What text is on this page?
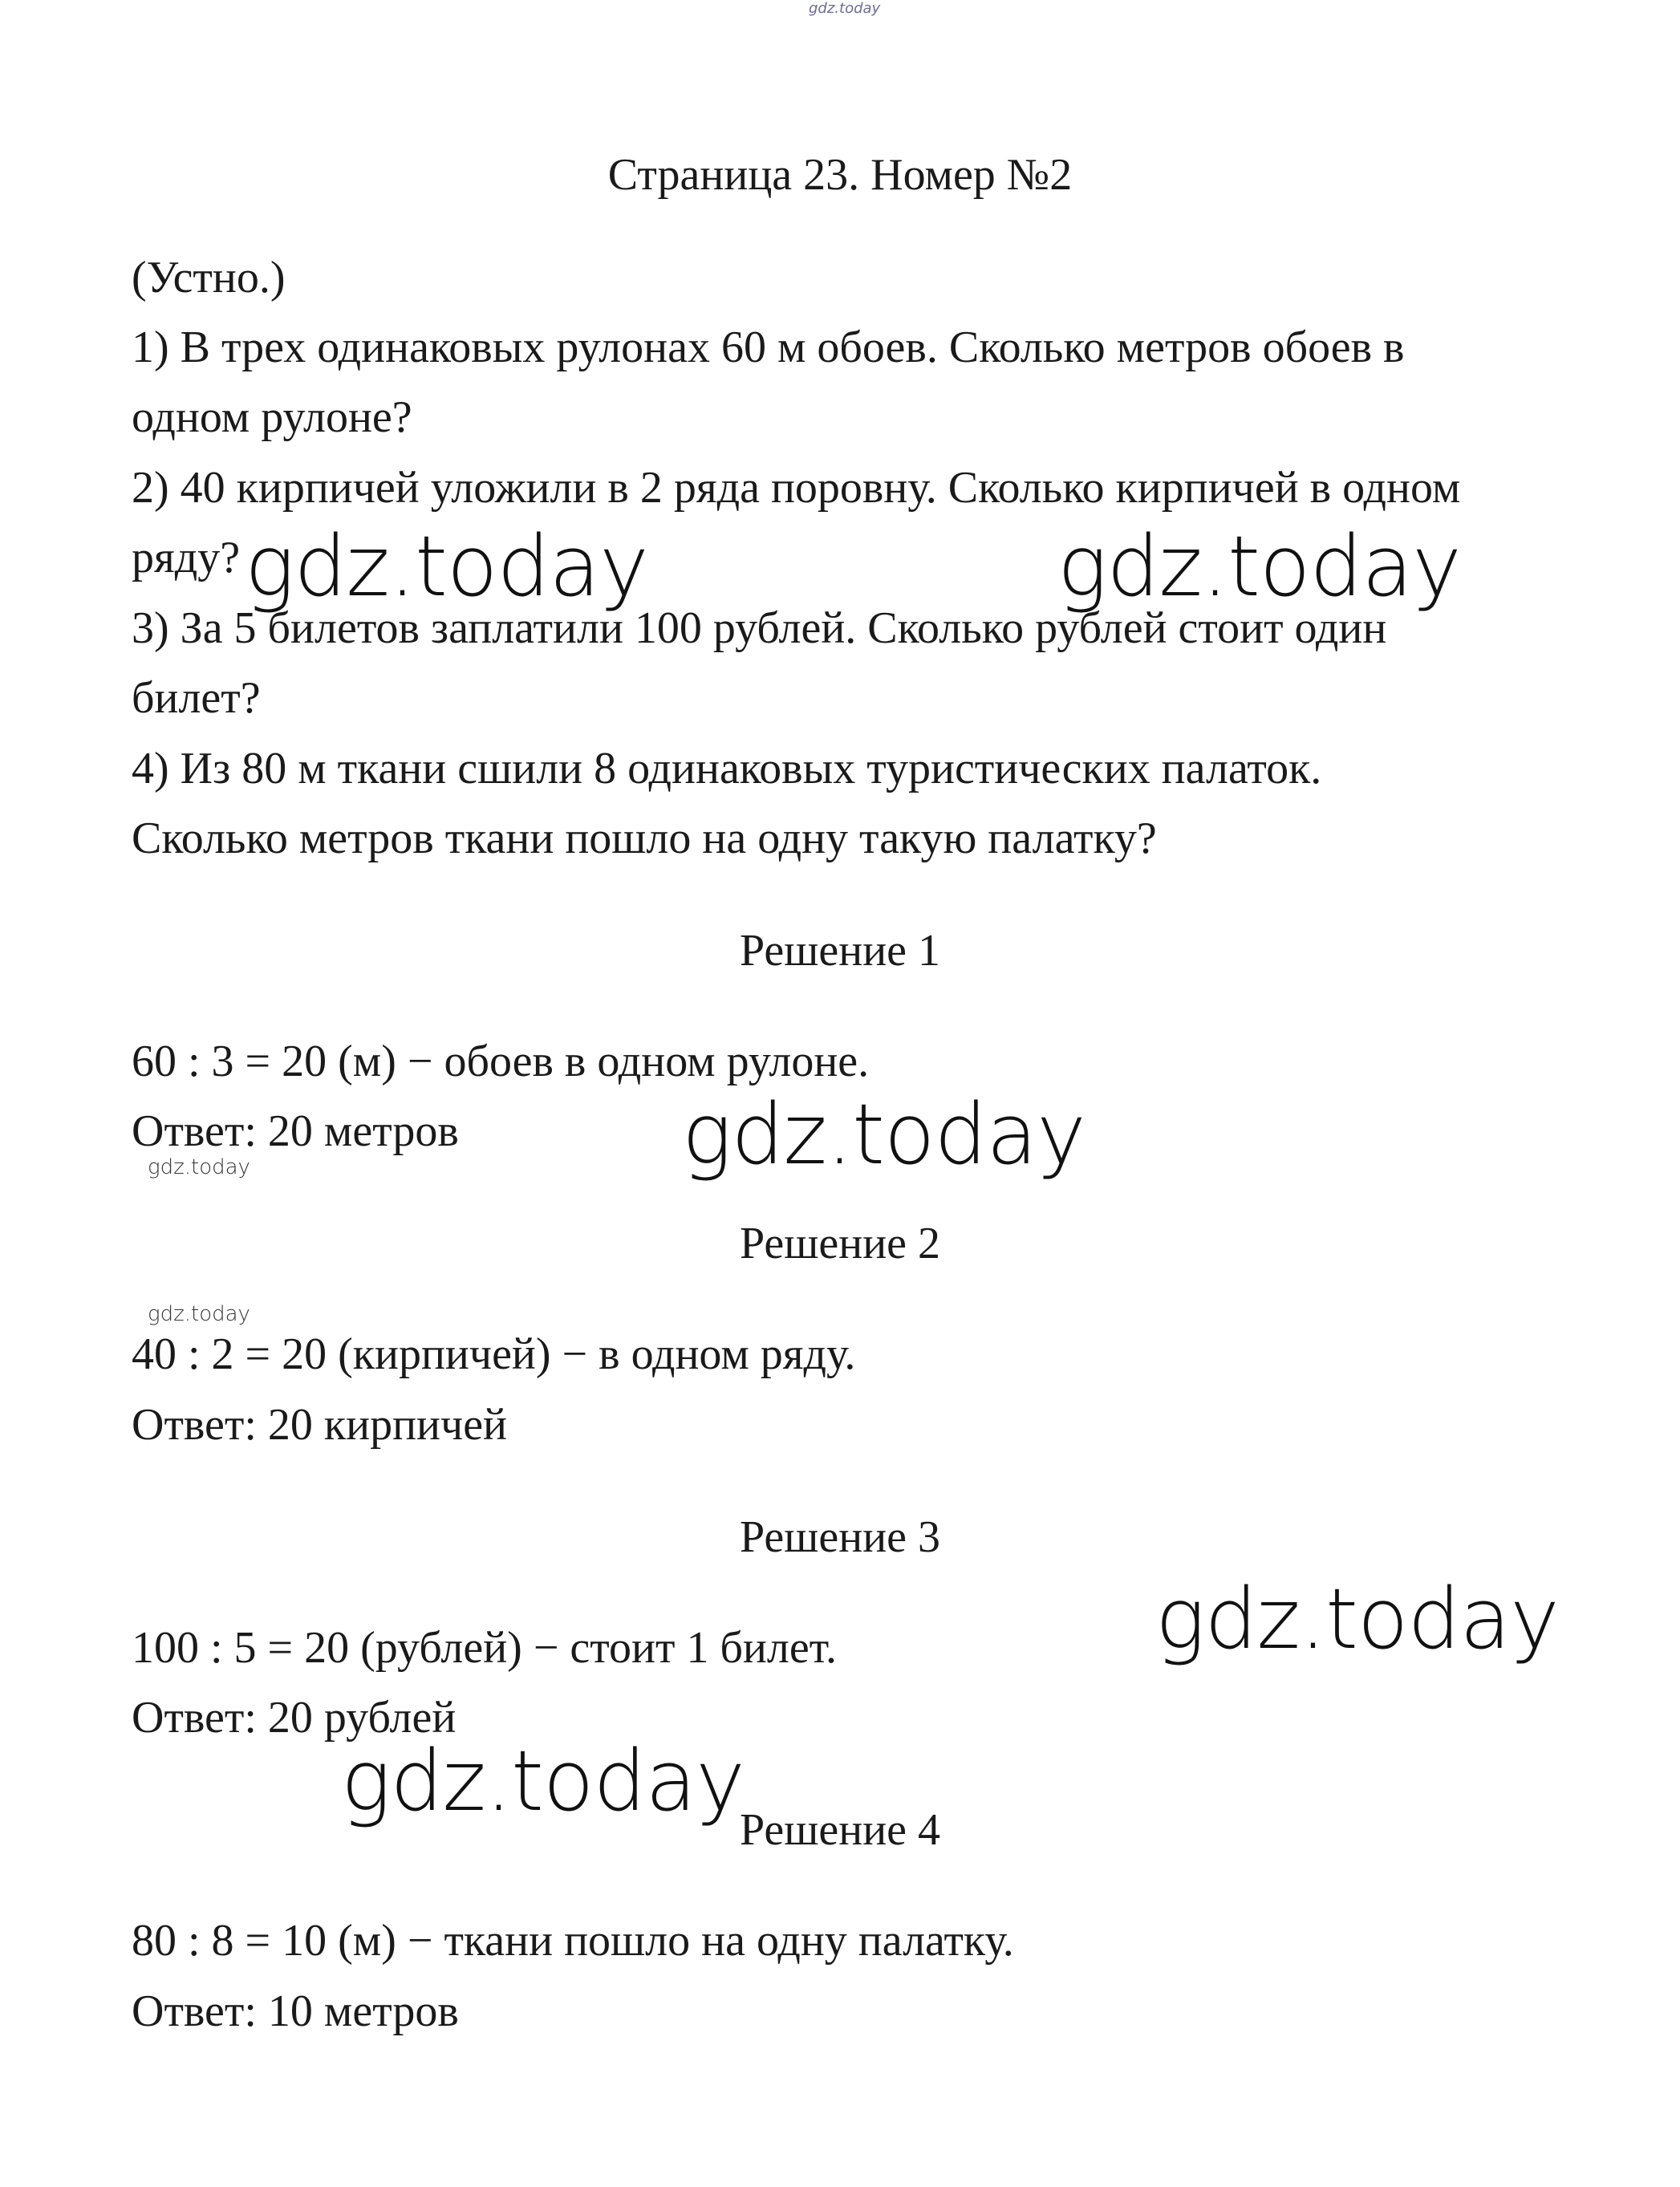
gdz.today
Страница 23. Номер №2
(Устно.)
1) В трех одинаковых рулонах 60 м обоев. Сколько метров обоев в
одном рулоне?
2) 40 кирпичей уложили в 2 ряда поровну. Сколько кирпичей в одном
ряду?
3) За 5 билетов заплатили 100 рублей. Сколько рублей стоит один
билет?
4) Из 80 м ткани сшили 8 одинаковых туристических палаток.
Сколько метров ткани пошло на одну такую палатку?
Решение 1
60 : 3 = 20 (м) − обоев в одном рулоне.
Ответ: 20 метров
Решение 2
40 : 2 = 20 (кирпичей) − в одном ряду.
Ответ: 20 кирпичей
Решение 3
100 : 5 = 20 (рублей) − стоит 1 билет.
Ответ: 20 рублей
Решение 4
80 : 8 = 10 (м) − ткани пошло на одну палатку.
Ответ: 10 метров
gdz.today	gdz.today
gdz.today
gdz.today
gdz.today
gdz.today
gdz.today
